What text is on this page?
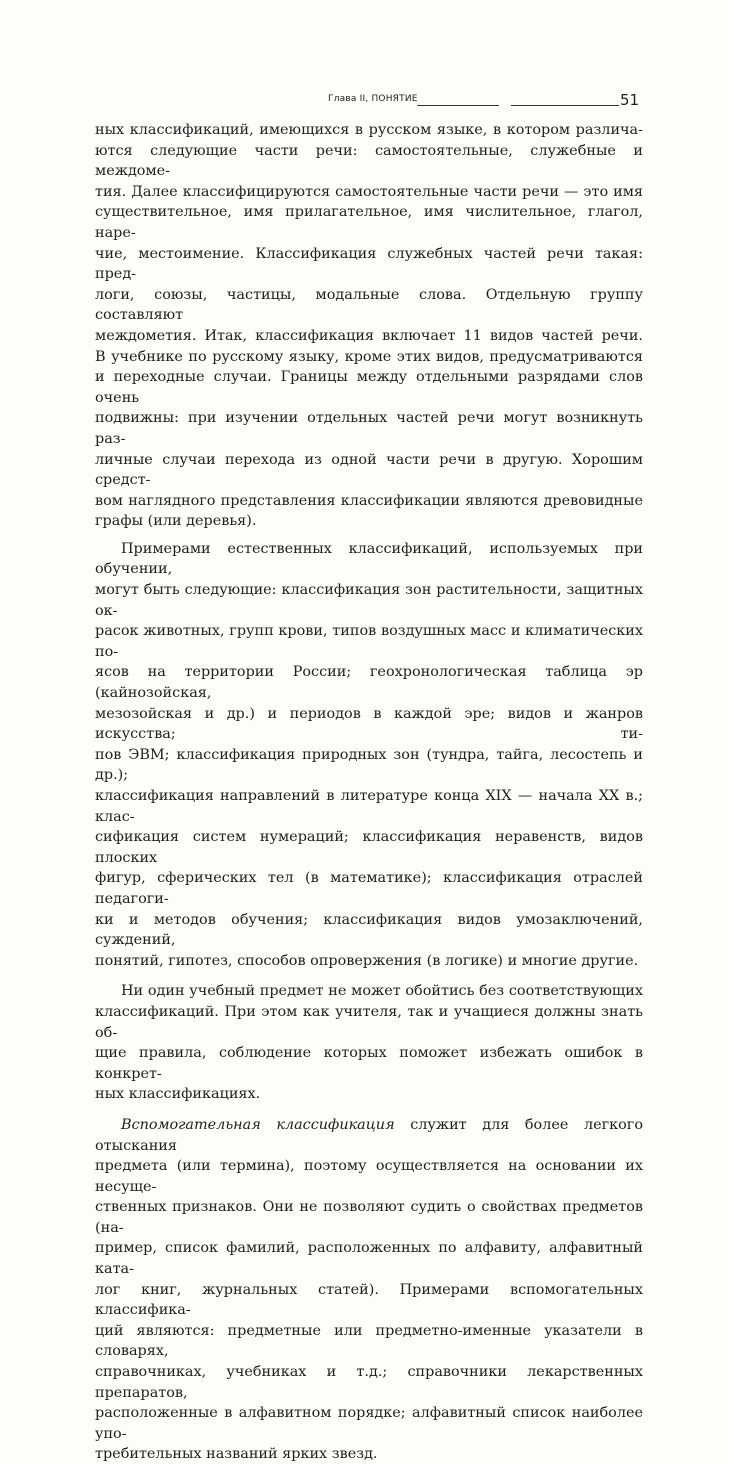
Глава II, ПОНЯТИЕ	51

ных классификаций, имеющихся в русском языке, в котором различа-

ются следующие части речи: самостоятельные, служебные и междоме-

тия. Далее классифицируются самостоятельные части речи — это имя

существительное, имя прилагательное, имя числительное, глагол, наре-

чие, местоимение. Классификация служебных частей речи такая: пред-

логи, союзы, частицы, модальные слова. Отдельную группу составляют

междометия. Итак, классификация включает 11 видов частей речи.

В учебнике по русскому языку, кроме этих видов, предусматриваются

и переходные случаи. Границы между отдельными разрядами слов очень

подвижны: при изучении отдельных частей речи могут возникнуть раз-

личные случаи перехода из одной части речи в другую. Хорошим средст-

вом наглядного представления классификации являются древовидные

графы (или деревья).

Примерами естественных классификаций, используемых при обучении,

могут быть следующие: классификация зон растительности, защитных ок-

расок животных, групп крови, типов воздушных масс и климатических по-

ясов на территории России; геохронологическая таблица эр (кайнозойская,

мезозойская и др.) и периодов в каждой эре; видов и жанров искусства; ти-

пов ЭВМ; классификация природных зон (тундра, тайга, лесостепь и др.);

классификация направлений в литературе конца XIX — начала XX в.; клас-

сификация систем нумераций; классификация неравенств, видов плоских

фигур, сферических тел (в математике); классификация отраслей педагоги-

ки и методов обучения; классификация видов умозаключений, суждений,

понятий, гипотез, способов опровержения (в логике) и многие другие.

Ни один учебный предмет не может обойтись без соответствующих

классификаций. При этом как учителя, так и учащиеся должны знать об-

щие правила, соблюдение которых поможет избежать ошибок в конкрет-

ных классификациях.

Вспомогательная классификация служит для более легкого отыскания

предмета (или термина), поэтому осуществляется на основании их несуще-

ственных признаков. Они не позволяют судить о свойствах предметов (на-

пример, список фамилий, расположенных по алфавиту, алфавитный ката-

лог книг, журнальных статей). Примерами вспомогательных классифика-

ций являются: предметные или предметно-именные указатели в словарях,

справочниках, учебниках и т.д.; справочники лекарственных препаратов,

расположенные в алфавитном порядке; алфавитный список наиболее упо-

требительных названий ярких звезд.
